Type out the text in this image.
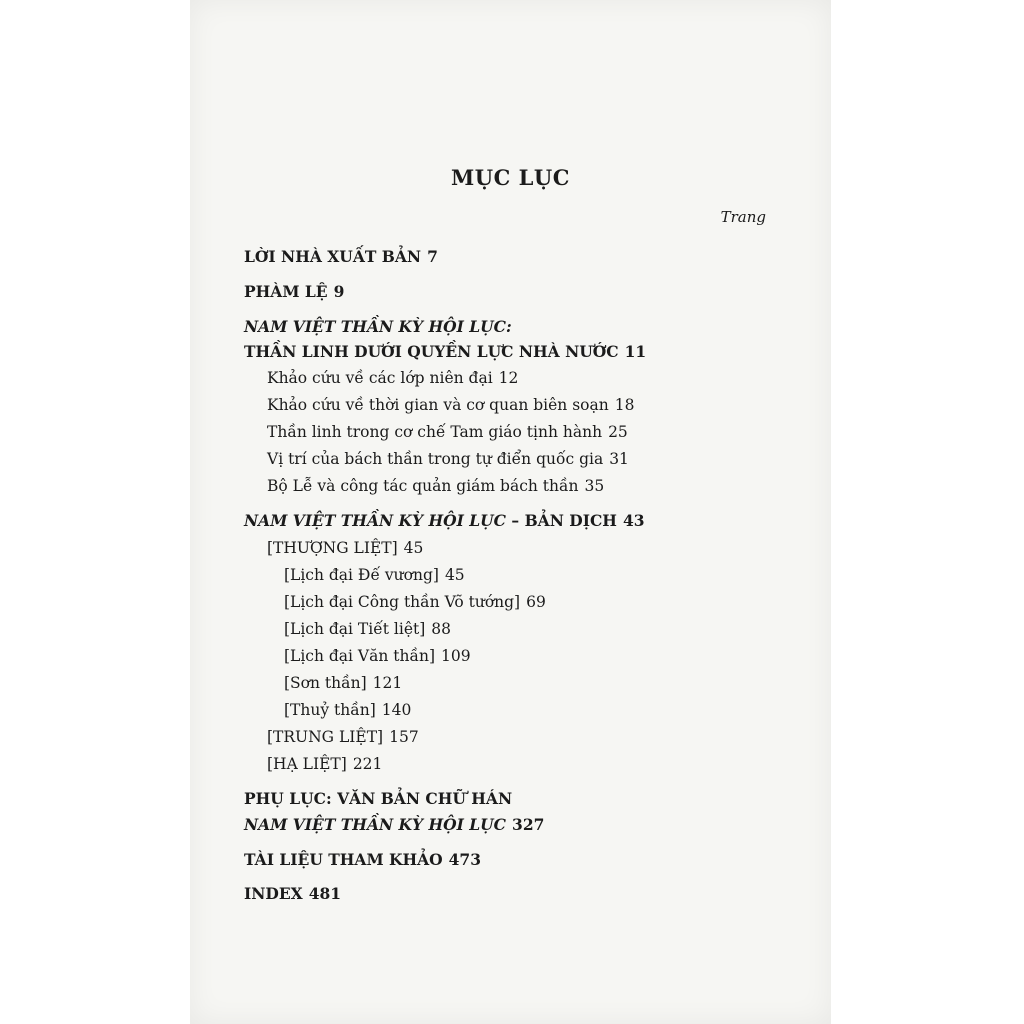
MỤC LỤC
Trang
LỜI NHÀ XUẤT BẢN 7
PHÀM LỆ 9
NAM VIỆT THẦN KỲ HỘI LỤC:
THẦN LINH DƯỚI QUYỀN LỰC NHÀ NƯỚC 11
Khảo cứu về các lớp niên đại 12
Khảo cứu về thời gian và cơ quan biên soạn 18
Thần linh trong cơ chế Tam giáo tịnh hành 25
Vị trí của bách thần trong tự điển quốc gia 31
Bộ Lễ và công tác quản giám bách thần 35
NAM VIỆT THẦN KỲ HỘI LỤC – BẢN DỊCH 43
[THƯỢNG LIỆT] 45
[Lịch đại Đế vương] 45
[Lịch đại Công thần Võ tướng] 69
[Lịch đại Tiết liệt] 88
[Lịch đại Văn thần] 109
[Sơn thần] 121
[Thuỷ thần] 140
[TRUNG LIỆT] 157
[HẠ LIỆT] 221
PHỤ LỤC: VĂN BẢN CHỮ HÁN
NAM VIỆT THẦN KỲ HỘI LỤC 327
TÀI LIỆU THAM KHẢO 473
INDEX 481
